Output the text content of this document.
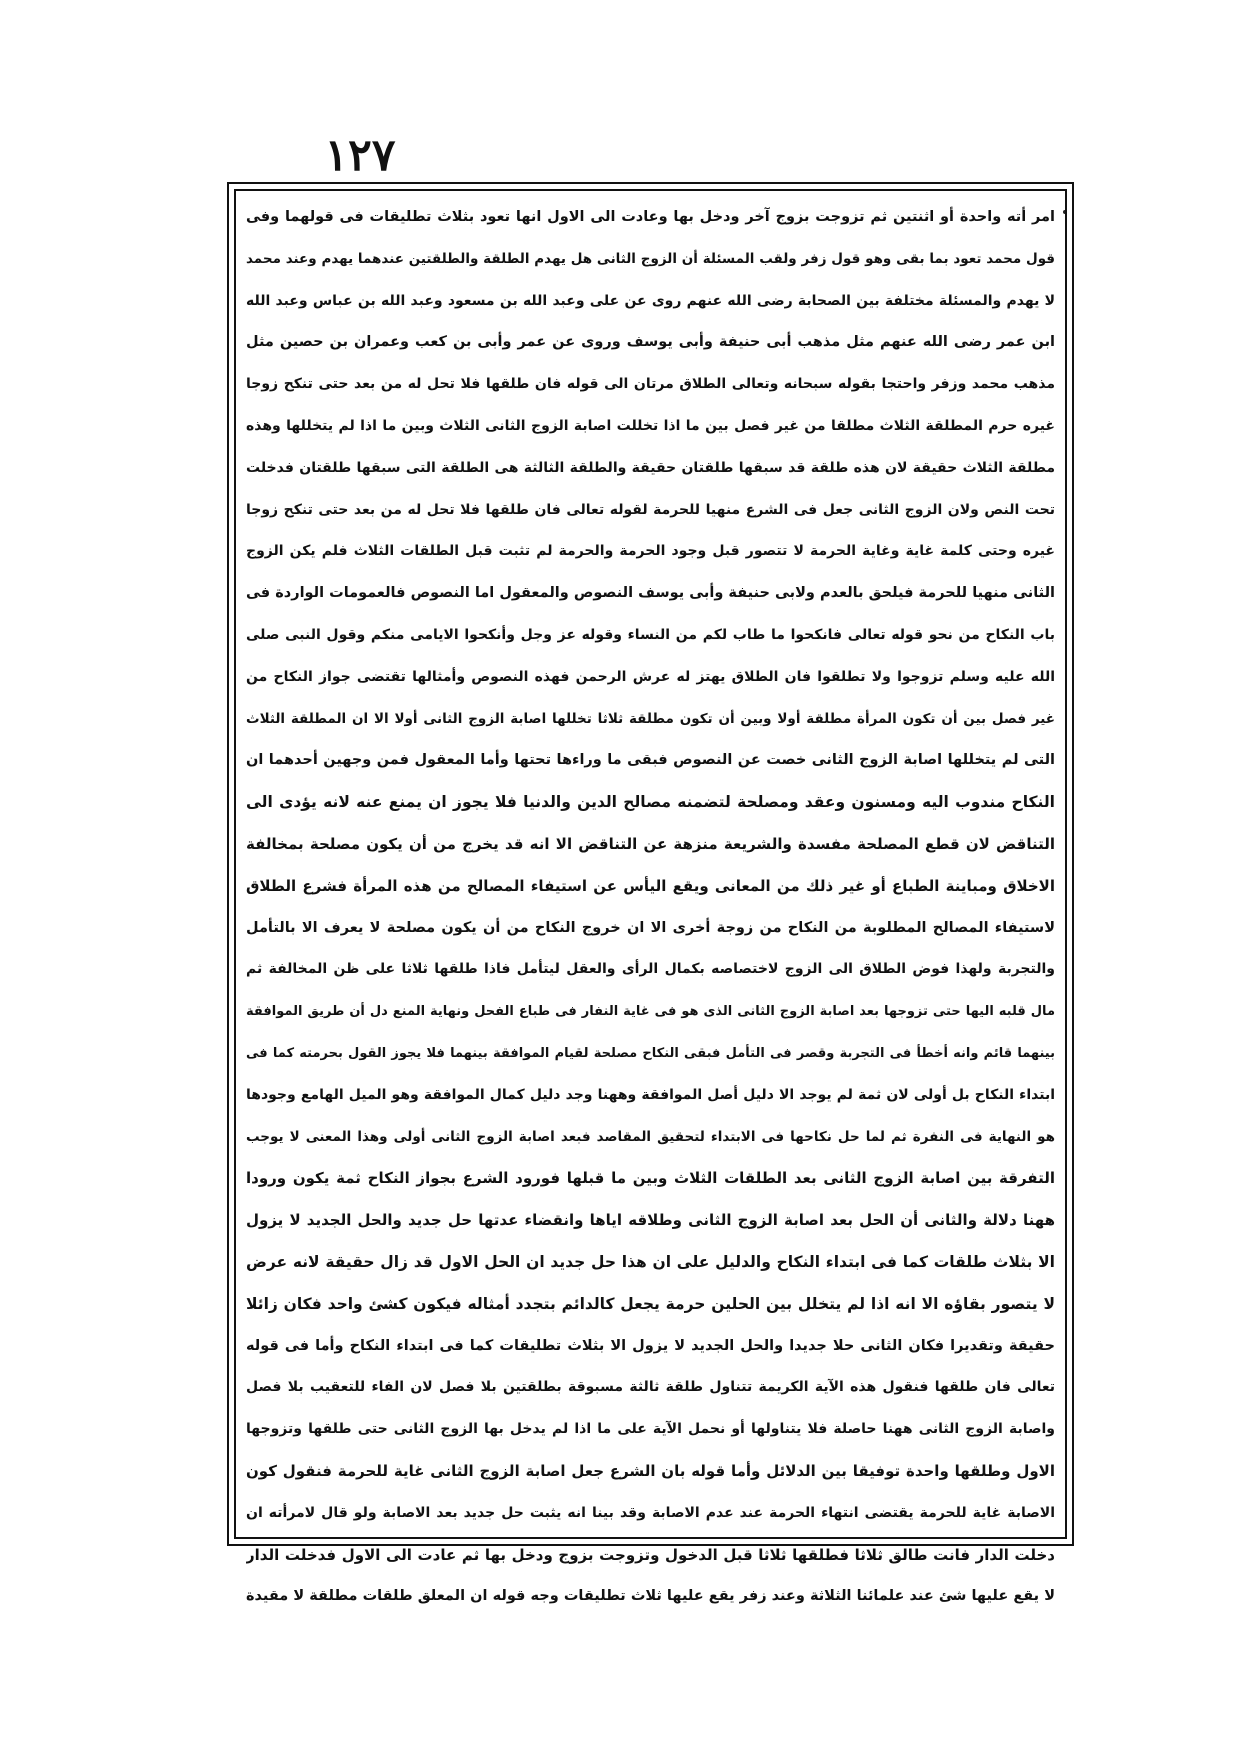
١٢٧
امر أته واحدة أو اثنتين ثم تزوجت بزوج آخر ودخل بها وعادت الى الاول انها تعود بثلاث تطليقات فى قولهما وفى
قول محمد تعود بما بقى وهو قول زفر ولقب المسئلة أن الزوج الثانى هل يهدم الطلقة والطلقتين عندهما يهدم وعند محمد
لا يهدم والمسئلة مختلفة بين الصحابة رضى الله عنهم روى عن على وعبد الله بن مسعود وعبد الله بن عباس وعبد الله
ابن عمر رضى الله عنهم مثل مذهب أبى حنيفة وأبى يوسف وروى عن عمر وأبى بن كعب وعمران بن حصين مثل
مذهب محمد وزفر واحتجا بقوله سبحانه وتعالى الطلاق مرتان الى قوله فان طلقها فلا تحل له من بعد حتى تنكح زوجا
غيره حرم المطلقة الثلاث مطلقا من غير فصل بين ما اذا تخللت اصابة الزوج الثانى الثلاث وبين ما اذا لم يتخللها وهذه
مطلقة الثلاث حقيقة لان هذه طلقة قد سبقها طلقتان حقيقة والطلقة الثالثة هى الطلقة التى سبقها طلقتان فدخلت
تحت النص ولان الزوج الثانى جعل فى الشرع منهيا للحرمة لقوله تعالى فان طلقها فلا تحل له من بعد حتى تنكح زوجا
غيره وحتى كلمة غاية وغاية الحرمة لا تتصور قبل وجود الحرمة والحرمة لم تثبت قبل الطلقات الثلاث فلم يكن الزوج
الثانى منهيا للحرمة فيلحق بالعدم ولابى حنيفة وأبى يوسف النصوص والمعقول اما النصوص فالعمومات الواردة فى
باب النكاح من نحو قوله تعالى فانكحوا ما طاب لكم من النساء وقوله عز وجل وأنكحوا الايامى منكم وقول النبى صلى
الله عليه وسلم تزوجوا ولا تطلقوا فان الطلاق يهتز له عرش الرحمن فهذه النصوص وأمثالها تقتضى جواز النكاح من
غير فصل بين أن تكون المرأة مطلقة أولا وبين أن تكون مطلقة ثلاثا تخللها اصابة الزوج الثانى أولا الا ان المطلقة الثلاث
التى لم يتخللها اصابة الزوج الثانى خصت عن النصوص فبقى ما وراءها تحتها وأما المعقول فمن وجهين أحدهما ان
النكاح مندوب اليه ومسنون وعقد ومصلحة لتضمنه مصالح الدين والدنيا فلا يجوز ان يمنع عنه لانه يؤدى الى
التناقض لان قطع المصلحة مفسدة والشريعة منزهة عن التناقض الا انه قد يخرج من أن يكون مصلحة بمخالفة
الاخلاق ومباينة الطباع أو غير ذلك من المعانى ويقع اليأس عن استيفاء المصالح من هذه المرأة فشرع الطلاق
لاستيفاء المصالح المطلوبة من النكاح من زوجة أخرى الا ان خروج النكاح من أن يكون مصلحة لا يعرف الا بالتأمل
والتجربة ولهذا فوض الطلاق الى الزوج لاختصاصه بكمال الرأى والعقل ليتأمل فاذا طلقها ثلاثا على ظن المخالفة ثم
مال قلبه اليها حتى تزوجها بعد اصابة الزوج الثانى الذى هو فى غاية النفار فى طباع الفحل ونهاية المنع دل أن طريق الموافقة
بينهما قائم وانه أخطأ فى التجربة وقصر فى التأمل فبقى النكاح مصلحة لقيام الموافقة بينهما فلا يجوز القول بحرمته كما فى
ابتداء النكاح بل أولى لان ثمة لم يوجد الا دليل أصل الموافقة وههنا وجد دليل كمال الموافقة وهو الميل الهامع وجودها
هو النهاية فى النفرة ثم لما حل نكاحها فى الابتداء لتحقيق المقاصد فبعد اصابة الزوج الثانى أولى وهذا المعنى لا يوجب
التفرقة بين اصابة الزوج الثانى بعد الطلقات الثلاث وبين ما قبلها فورود الشرع بجواز النكاح ثمة يكون ورودا
ههنا دلالة والثانى أن الحل بعد اصابة الزوج الثانى وطلاقه اياها وانقضاء عدتها حل جديد والحل الجديد لا يزول
الا بثلاث طلقات كما فى ابتداء النكاح والدليل على ان هذا حل جديد ان الحل الاول قد زال حقيقة لانه عرض
لا يتصور بقاؤه الا انه اذا لم يتخلل بين الحلين حرمة يجعل كالدائم بتجدد أمثاله فيكون كشئ واحد فكان زائلا
حقيقة وتقديرا فكان الثانى حلا جديدا والحل الجديد لا يزول الا بثلاث تطليقات كما فى ابتداء النكاح وأما فى قوله
تعالى فان طلقها فنقول هذه الآية الكريمة تتناول طلقة ثالثة مسبوقة بطلقتين بلا فصل لان الفاء للتعقيب بلا فصل
واصابة الزوج الثانى ههنا حاصلة فلا يتناولها أو نحمل الآية على ما اذا لم يدخل بها الزوج الثانى حتى طلقها وتزوجها
الاول وطلقها واحدة توفيقا بين الدلائل وأما قوله بان الشرع جعل اصابة الزوج الثانى غاية للحرمة فنقول كون
الاصابة غاية للحرمة يقتضى انتهاء الحرمة عند عدم الاصابة وقد بينا انه يثبت حل جديد بعد الاصابة ولو قال لامرأته ان
دخلت الدار فانت طالق ثلاثا فطلقها ثلاثا قبل الدخول وتزوجت بزوج ودخل بها ثم عادت الى الاول فدخلت الدار
لا يقع عليها شئ عند علمائنا الثلاثة وعند زفر يقع عليها ثلاث تطليقات وجه قوله ان المعلق طلقات مطلقة لا مقيدة
